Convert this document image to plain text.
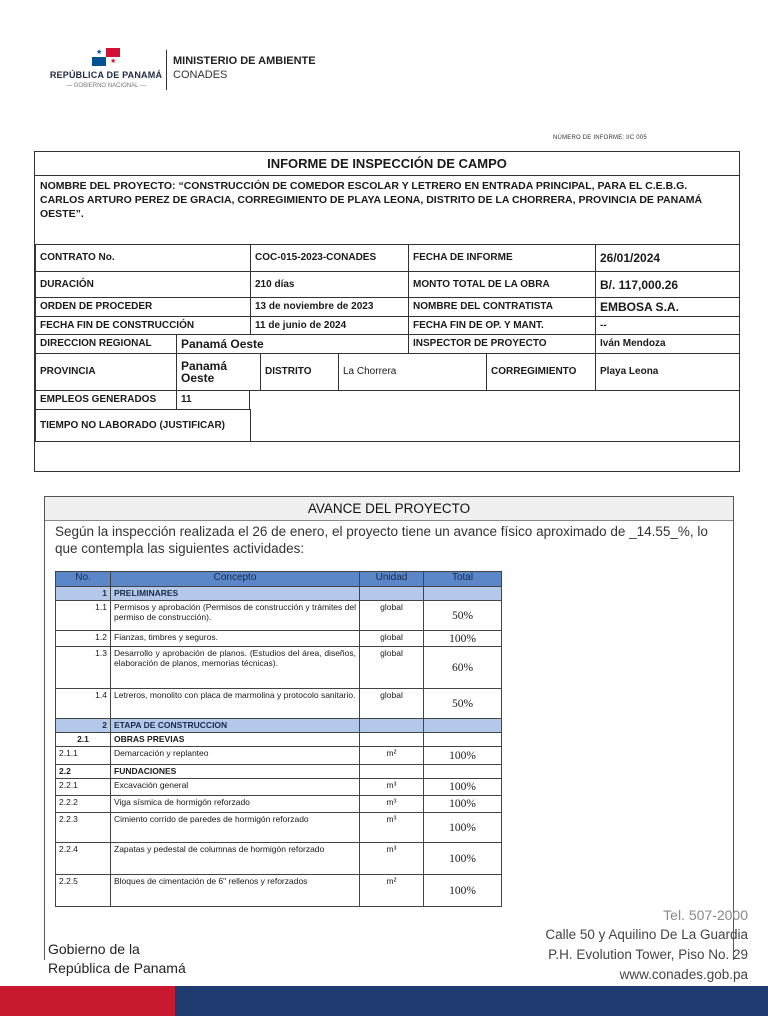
★
★
REPÚBLICA DE PANAMÁ
— GOBIERNO NACIONAL —
MINISTERIO DE AMBIENTE
CONADES
NÚMERO DE INFORME: IIC 005
INFORME DE INSPECCIÓN DE CAMPO
NOMBRE DEL PROYECTO: “CONSTRUCCIÓN DE COMEDOR ESCOLAR Y LETRERO EN ENTRADA PRINCIPAL, PARA EL C.E.B.G. CARLOS ARTURO PEREZ DE GRACIA, CORREGIMIENTO DE PLAYA LEONA, DISTRITO DE LA CHORRERA, PROVINCIA DE PANAMÁ OESTE”.
CONTRATO No.	COC-015-2023-CONADES	FECHA DE INFORME	26/01/2024
DURACIÓN	210 días	MONTO TOTAL DE LA OBRA	B/. 117,000.26
ORDEN DE PROCEDER	13 de noviembre de 2023	NOMBRE DEL CONTRATISTA	EMBOSA S.A.
FECHA FIN DE CONSTRUCCIÓN	11 de junio de 2024	FECHA FIN DE OP. Y MANT.	--
DIRECCION REGIONAL	Panamá Oeste	INSPECTOR DE PROYECTO	Iván Mendoza
PROVINCIA	Panamá Oeste	DISTRITO	La Chorrera	CORREGIMIENTO	Playa Leona
EMPLEOS GENERADOS	11
TIEMPO NO LABORADO (JUSTIFICAR)
AVANCE DEL PROYECTO
Según la inspección realizada el 26 de enero, el proyecto tiene un avance físico aproximado de _14.55_%, lo que contempla las siguientes actividades:
No.	Concepto	Unidad	Total
1	PRELIMINARES		
1.1	Permisos y aprobación (Permisos de construcción y trámites del permiso de construcción).	global	50%
1.2	Fianzas, timbres y seguros.	global	100%
1.3	Desarrollo y aprobación de planos. (Estudios del área, diseños, elaboración de planos, memorias técnicas).	global	60%
1.4	Letreros, monolito con placa de marmolina y protocolo sanitario.	global	50%
2	ETAPA DE CONSTRUCCION		
2.1	OBRAS PREVIAS		
2.1.1	Demarcación y replanteo	m²	100%
2.2	FUNDACIONES		
2.2.1	Excavación general	m³	100%
2.2.2	Viga sísmica de hormigón reforzado	m³	100%
2.2.3	Cimiento corrido de paredes de hormigón reforzado	m³	100%
2.2.4	Zapatas y pedestal de columnas de hormigón reforzado	m³	100%
2.2.5	Bloques de cimentación de 6" rellenos y reforzados	m²	100%
Gobierno de la
República de Panamá
Tel. 507-2000
Calle 50 y Aquilino De La Guardia
P.H. Evolution Tower, Piso No. 29
www.conades.gob.pa
